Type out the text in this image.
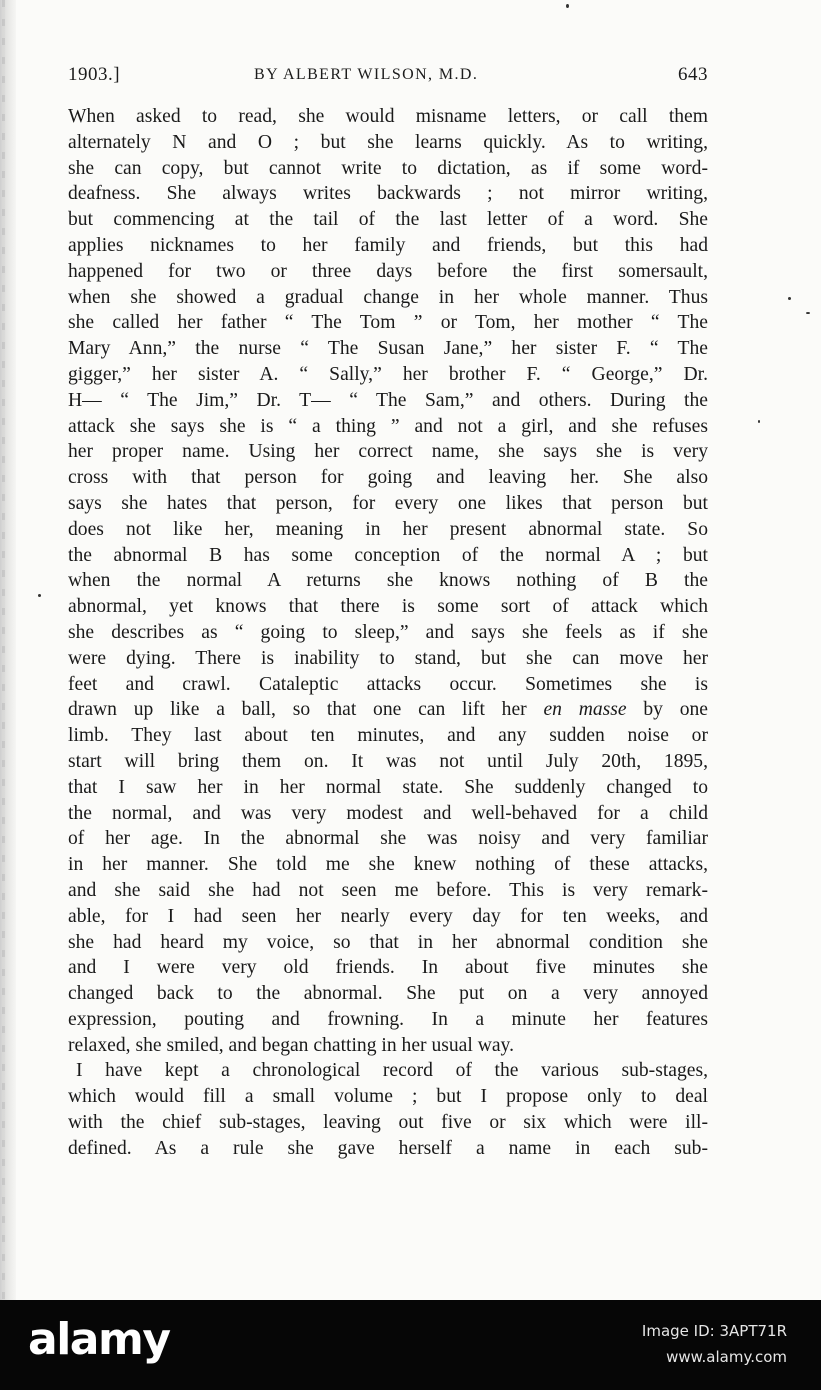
1903.]	BY ALBERT WILSON, M.D.	643
When asked to read, she would misname letters, or call them
alternately N and O ; but she learns quickly. As to writing,
she can copy, but cannot write to dictation, as if some word-
deafness. She always writes backwards ; not mirror writing,
but commencing at the tail of the last letter of a word. She
applies nicknames to her family and friends, but this had
happened for two or three days before the first somersault,
when she showed a gradual change in her whole manner. Thus
she called her father “ The Tom ” or Tom, her mother “ The
Mary Ann,” the nurse “ The Susan Jane,” her sister F. “ The
gigger,” her sister A. “ Sally,” her brother F. “ George,” Dr.
H— “ The Jim,” Dr. T— “ The Sam,” and others. During the
attack she says she is “ a thing ” and not a girl, and she refuses
her proper name. Using her correct name, she says she is very
cross with that person for going and leaving her. She also
says she hates that person, for every one likes that person but
does not like her, meaning in her present abnormal state. So
the abnormal B has some conception of the normal A ; but
when the normal A returns she knows nothing of B the
abnormal, yet knows that there is some sort of attack which
she describes as “ going to sleep,” and says she feels as if she
were dying. There is inability to stand, but she can move her
feet and crawl. Cataleptic attacks occur. Sometimes she is
drawn up like a ball, so that one can lift her en masse by one
limb. They last about ten minutes, and any sudden noise or
start will bring them on. It was not until July 20th, 1895,
that I saw her in her normal state. She suddenly changed to
the normal, and was very modest and well-behaved for a child
of her age. In the abnormal she was noisy and very familiar
in her manner. She told me she knew nothing of these attacks,
and she said she had not seen me before. This is very remark-
able, for I had seen her nearly every day for ten weeks, and
she had heard my voice, so that in her abnormal condition she
and I were very old friends. In about five minutes she
changed back to the abnormal. She put on a very annoyed
expression, pouting and frowning. In a minute her features
relaxed, she smiled, and began chatting in her usual way.
I have kept a chronological record of the various sub-stages,
which would fill a small volume ; but I propose only to deal
with the chief sub-stages, leaving out five or six which were ill-
defined. As a rule she gave herself a name in each sub-
alamy	Image ID: 3APT71R
www.alamy.com
